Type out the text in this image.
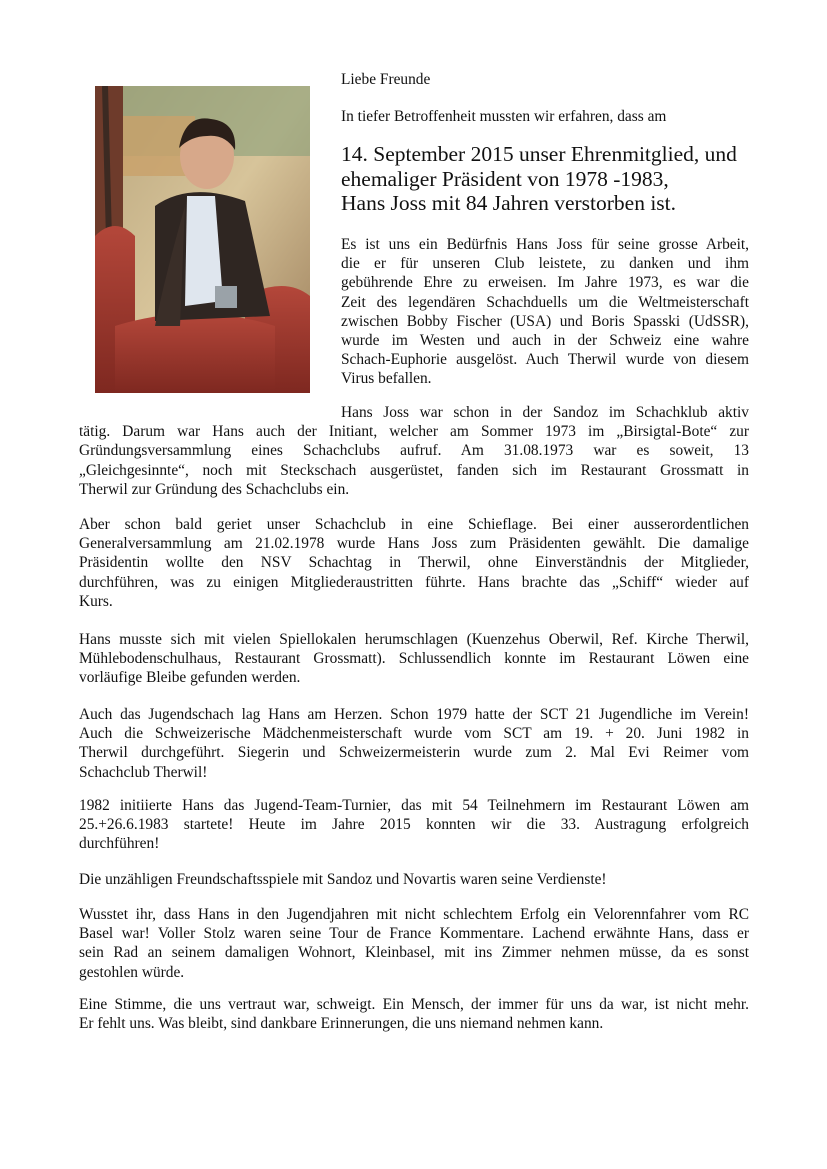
Liebe Freunde
In tiefer Betroffenheit mussten wir erfahren, dass am
14. September 2015 unser Ehrenmitglied, und
ehemaliger Präsident von 1978 -1983,
Hans Joss mit 84 Jahren verstorben ist.
Es ist uns ein Bedürfnis Hans Joss für seine grosse Arbeit,
die er für unseren Club leistete, zu danken und ihm
gebührende Ehre zu erweisen. Im Jahre 1973, es war die
Zeit des legendären Schachduells um die Weltmeisterschaft
zwischen Bobby Fischer (USA) und Boris Spasski (UdSSR),
wurde im Westen und auch in der Schweiz eine wahre
Schach-Euphorie ausgelöst. Auch Therwil wurde von diesem
Virus befallen.
Hans Joss war schon in der Sandoz im Schachklub aktiv
tätig. Darum war Hans auch der Initiant, welcher am Sommer 1973 im „Birsigtal-Bote“ zur
Gründungsversammlung eines Schachclubs aufruf. Am 31.08.1973 war es soweit, 13
„Gleichgesinnte“, noch mit Steckschach ausgerüstet, fanden sich im Restaurant Grossmatt in
Therwil zur Gründung des Schachclubs ein.
Aber schon bald geriet unser Schachclub in eine Schieflage. Bei einer ausserordentlichen
Generalversammlung am 21.02.1978 wurde Hans Joss zum Präsidenten gewählt. Die damalige
Präsidentin wollte den NSV Schachtag in Therwil, ohne Einverständnis der Mitglieder,
durchführen, was zu einigen Mitgliederaustritten führte. Hans brachte das „Schiff“ wieder auf
Kurs.
Hans musste sich mit vielen Spiellokalen herumschlagen (Kuenzehus Oberwil, Ref. Kirche Therwil,
Mühlebodenschulhaus, Restaurant Grossmatt). Schlussendlich konnte im Restaurant Löwen eine
vorläufige Bleibe gefunden werden.
Auch das Jugendschach lag Hans am Herzen. Schon 1979 hatte der SCT 21 Jugendliche im Verein!
Auch die Schweizerische Mädchenmeisterschaft wurde vom SCT am 19. + 20. Juni 1982 in
Therwil durchgeführt. Siegerin und Schweizermeisterin wurde zum 2. Mal Evi Reimer vom
Schachclub Therwil!
1982 initiierte Hans das Jugend-Team-Turnier, das mit 54 Teilnehmern im Restaurant Löwen am
25.+26.6.1983 startete! Heute im Jahre 2015 konnten wir die 33. Austragung erfolgreich
durchführen!
Die unzähligen Freundschaftsspiele mit Sandoz und Novartis waren seine Verdienste!
Wusstet ihr, dass Hans in den Jugendjahren mit nicht schlechtem Erfolg ein Velorennfahrer vom RC
Basel war! Voller Stolz waren seine Tour de France Kommentare. Lachend erwähnte Hans, dass er
sein Rad an seinem damaligen Wohnort, Kleinbasel, mit ins Zimmer nehmen müsse, da es sonst
gestohlen würde.
Eine Stimme, die uns vertraut war, schweigt. Ein Mensch, der immer für uns da war, ist nicht mehr.
Er fehlt uns. Was bleibt, sind dankbare Erinnerungen, die uns niemand nehmen kann.
